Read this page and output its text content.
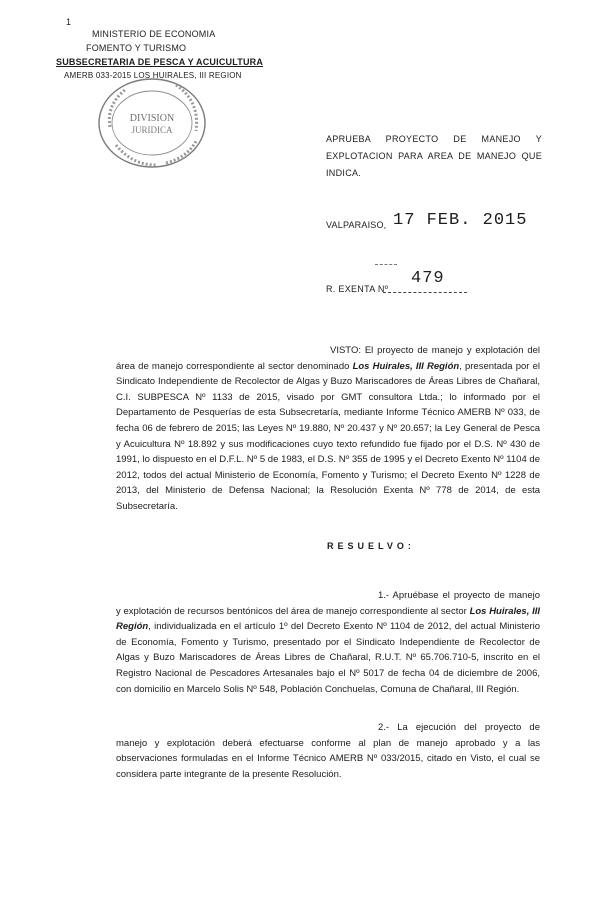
1
MINISTERIO DE ECONOMIA
FOMENTO Y TURISMO
SUBSECRETARIA DE PESCA Y ACUICULTURA
AMERB 033-2015 LOS HUIRALES, III REGION
DIVISION
JURIDICA
APRUEBA PROYECTO DE MANEJO Y EXPLOTACION PARA AREA DE MANEJO QUE INDICA.
VALPARAISO, 17 FEB. 2015
R. EXENTA Nº
479
VISTO: El proyecto de manejo y explotación del área de manejo correspondiente al sector denominado Los Huirales, III Región, presentada por el Sindicato Independiente de Recolector de Algas y Buzo Mariscadores de Áreas Libres de Chañaral, C.I. SUBPESCA Nº 1133 de 2015, visado por GMT consultora Ltda.; lo informado por el Departamento de Pesquerías de esta Subsecretaría, mediante Informe Técnico AMERB Nº 033, de fecha 06 de febrero de 2015; las Leyes Nº 19.880, Nº 20.437 y Nº 20.657; la Ley General de Pesca y Acuicultura Nº 18.892 y sus modificaciones cuyo texto refundido fue fijado por el D.S. Nº 430 de 1991, lo dispuesto en el D.F.L. Nº 5 de 1983, el D.S. Nº 355 de 1995 y el Decreto Exento Nº 1104 de 2012, todos del actual Ministerio de Economía, Fomento y Turismo; el Decreto Exento Nº 1228 de 2013, del Ministerio de Defensa Nacional; la Resolución Exenta Nº 778 de 2014, de esta Subsecretaría.
RESUELVO:
1.- Apruébase el proyecto de manejo y explotación de recursos bentónicos del área de manejo correspondiente al sector Los Huirales, III Región, individualizada en el artículo 1º del Decreto Exento Nº 1104 de 2012, del actual Ministerio de Economía, Fomento y Turismo, presentado por el Sindicato Independiente de Recolector de Algas y Buzo Mariscadores de Áreas Libres de Chañaral, R.U.T. Nº 65.706.710-5, inscrito en el Registro Nacional de Pescadores Artesanales bajo el Nº 5017 de fecha 04 de diciembre de 2006, con domicilio en Marcelo Solis Nº 548, Población Conchuelas, Comuna de Chañaral, III Región.
2.- La ejecución del proyecto de manejo y explotación deberá efectuarse conforme al plan de manejo aprobado y a las observaciones formuladas en el Informe Técnico AMERB Nº 033/2015, citado en Visto, el cual se considera parte integrante de la presente Resolución.
